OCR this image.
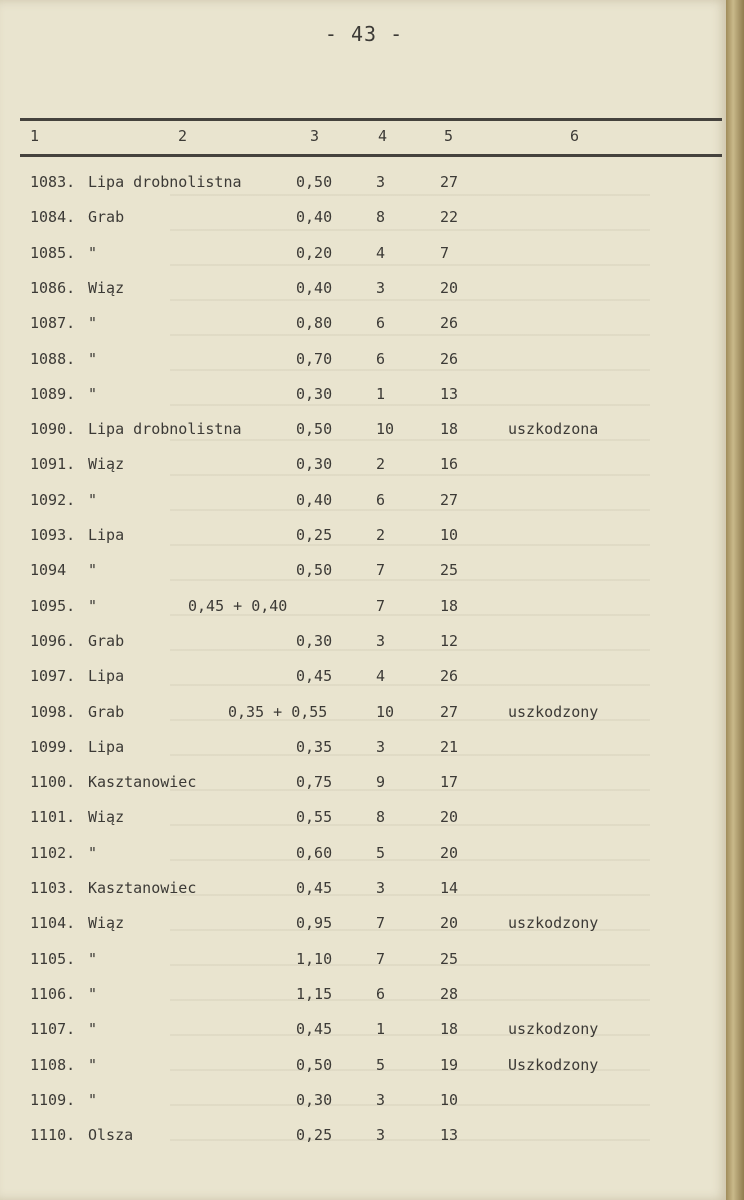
- 43 -
1	2	3	4	5	6
1083. Lipa drobnolistna	0,50	3	27
1084. Grab	0,40	8	22
1085. "	0,20	4	7
1086. Wiąz	0,40	3	20
1087. "	0,80	6	26
1088. "	0,70	6	26
1089. "	0,30	1	13
1090. Lipa drobnolistna	0,50	10	18	uszkodzona
1091. Wiąz	0,30	2	16
1092. "	0,40	6	27
1093. Lipa	0,25	2	10
1094 "	0,50	7	25
1095. "	0,45 + 0,40	7	18
1096. Grab	0,30	3	12
1097. Lipa	0,45	4	26
1098. Grab	0,35 + 0,55	10	27	uszkodzony
1099. Lipa	0,35	3	21
1100. Kasztanowiec	0,75	9	17
1101. Wiąz	0,55	8	20
1102. "	0,60	5	20
1103. Kasztanowiec	0,45	3	14
1104. Wiąz	0,95	7	20	uszkodzony
1105. "	1,10	7	25
1106. "	1,15	6	28
1107. "	0,45	1	18	uszkodzony
1108. "	0,50	5	19	Uszkodzony
1109. "	0,30	3	10
1110. Olsza	0,25	3	13
